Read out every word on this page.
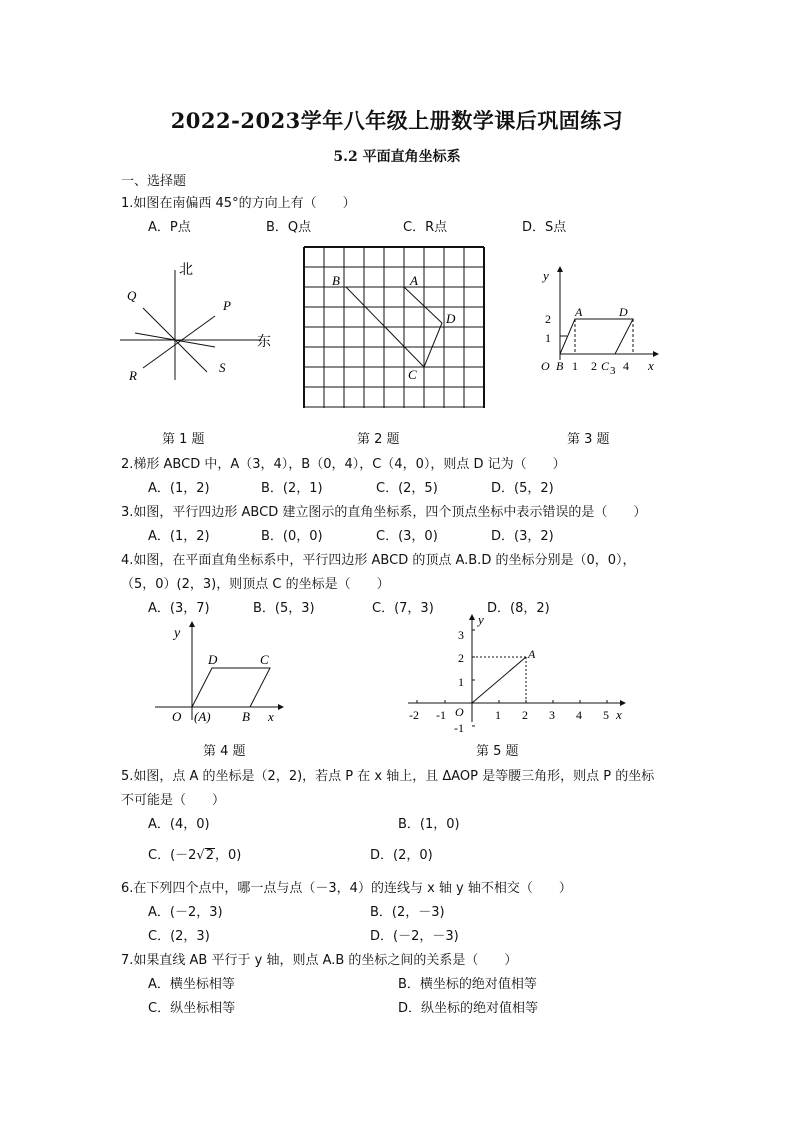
2022-2023学年八年级上册数学课后巩固练习
5.2 平面直角坐标系
一、选择题
1.如图在南偏西 45°的方向上有（　　）
A．P点	B．Q点	C．R点	D．S点
北
东
Q
P
R
S
B	A
D
C
y
x
O
2
1
B 1 2 C 3 4
A	D
第 1 题	第 2 题	第 3 题
2.梯形 ABCD 中，A（3，4），B（0，4），C（4，0），则点 D 记为（　　）
A．(1，2)	B．(2，1)	C．(2，5)	D．(5，2)
3.如图，平行四边形 ABCD 建立图示的直角坐标系，四个顶点坐标中表示错误的是（　　）
A．(1，2)	B．(0，0)	C．(3，0)	D．(3，2)
4.如图，在平面直角坐标系中，平行四边形 ABCD 的顶点 A.B.D 的坐标分别是（0，0），
（5，0）(2，3)，则顶点 C 的坐标是（　　）
A．(3，7)	B．(5，3)	C．(7，3)	D．(8，2)
y
x
O
D	C
(A) B
y
x
O
A
3
2
1
-1
-2 -1	1 2 3 4 5
第 4 题	第 5 题
5.如图，点 A 的坐标是（2，2)，若点 P 在 x 轴上，且 ΔAOP 是等腰三角形，则点 P 的坐标
不可能是（　　）
A．(4，0)	B．(1，0)
C．(－2√2，0)	D．(2，0)
6.在下列四个点中，哪一点与点（－3，4）的连线与 x 轴 y 轴不相交（　　）
A．(－2，3)	B．(2，－3)
C．(2，3)	D．(－2，－3)
7.如果直线 AB 平行于 y 轴，则点 A.B 的坐标之间的关系是（　　）
A．横坐标相等	B．横坐标的绝对值相等
C．纵坐标相等	D．纵坐标的绝对值相等
